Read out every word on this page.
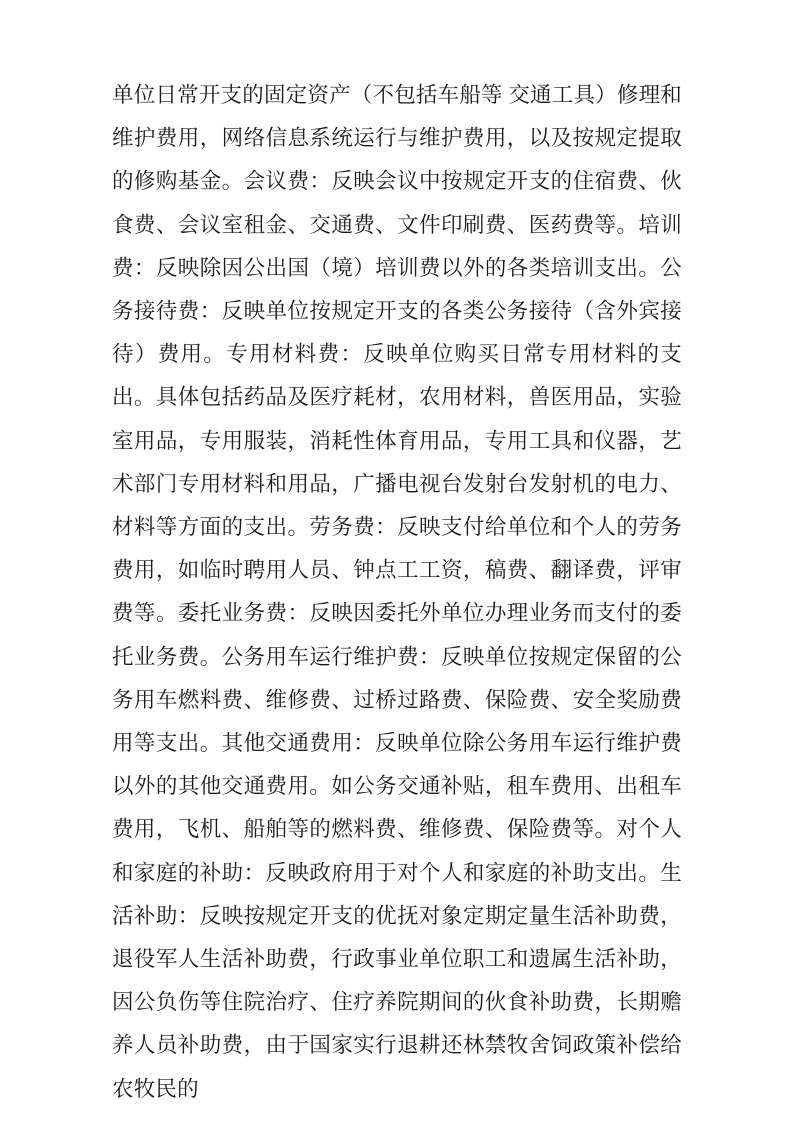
单位日常开支的固定资产（不包括车船等 交通工具）修理和维护费用，网络信息系统运行与维护费用，以及按规定提取的修购基金。会议费：反映会议中按规定开支的住宿费、伙食费、会议室租金、交通费、文件印刷费、医药费等。培训费：反映除因公出国（境）培训费以外的各类培训支出。公务接待费：反映单位按规定开支的各类公务接待（含外宾接待）费用。专用材料费：反映单位购买日常专用材料的支出。具体包括药品及医疗耗材，农用材料，兽医用品，实验室用品，专用服装，消耗性体育用品，专用工具和仪器，艺术部门专用材料和用品，广播电视台发射台发射机的电力、材料等方面的支出。劳务费：反映支付给单位和个人的劳务费用，如临时聘用人员、钟点工工资，稿费、翻译费，评审费等。委托业务费：反映因委托外单位办理业务而支付的委托业务费。公务用车运行维护费：反映单位按规定保留的公务用车燃料费、维修费、过桥过路费、保险费、安全奖励费用等支出。其他交通费用：反映单位除公务用车运行维护费以外的其他交通费用。如公务交通补贴，租车费用、出租车费用，飞机、船舶等的燃料费、维修费、保险费等。对个人和家庭的补助：反映政府用于对个人和家庭的补助支出。生活补助：反映按规定开支的优抚对象定期定量生活补助费，退役军人生活补助费，行政事业单位职工和遗属生活补助，因公负伤等住院治疗、住疗养院期间的伙食补助费，长期赡养人员补助费，由于国家实行退耕还林禁牧舍饲政策补偿给农牧民的
